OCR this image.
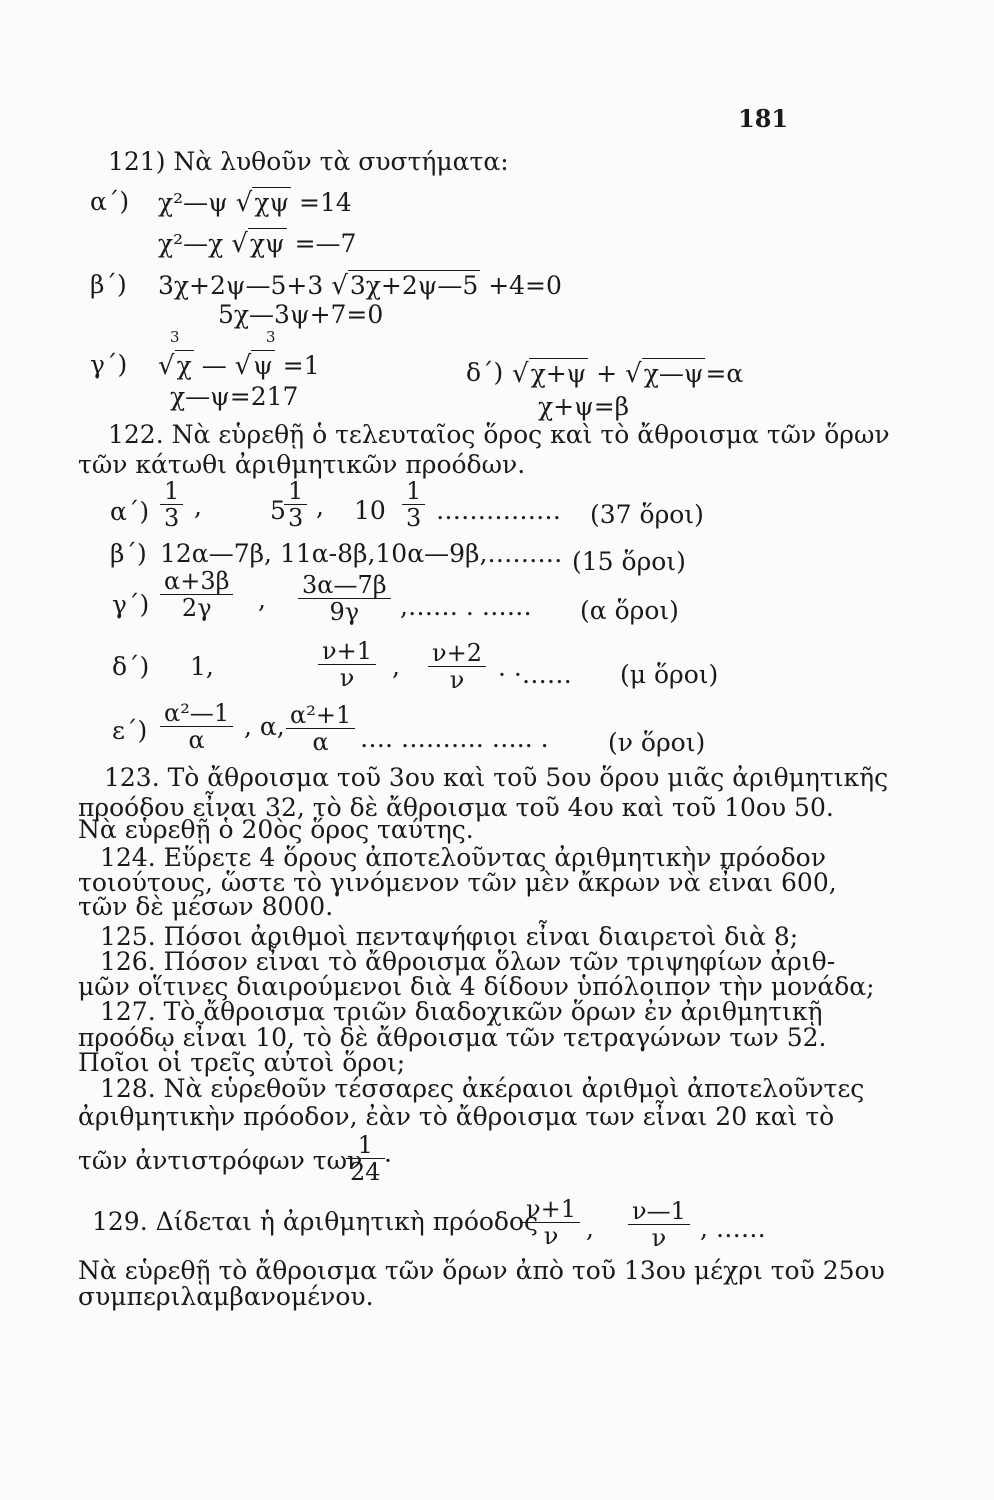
181
121) Νὰ λυθοῦν τὰ συστήματα:
α΄) χ²—ψ √χψ =14
χ²—χ √χψ =—7
β΄) 3χ+2ψ—5+3 √3χ+2ψ—5 +4=0
5χ—3ψ+7=0
3	3
γ΄) √χ — √ψ =1
χ—ψ=217
δ΄) √χ+ψ + √χ—ψ=α
χ+ψ=β
122. Νὰ εὑρεθῇ ὁ τελευταῖος ὅρος καὶ τὸ ἄθροισμα τῶν ὅρων
τῶν κάτωθι ἀριθμητικῶν προόδων.
$\alpha΄) \frac{1}{3}$ ,	5
$\frac{1}{3}$ , $10 \frac{1}{3}$ …………… (37 ὅροι)
β΄) 12α—7β, 11α-8β,10α—9β,……… (15 ὅροι)
$\gamma΄) \frac{\alpha+3\beta}{2\gamma}$ , $\frac{3\alpha—7\beta}{9\gamma}$ ,…… . …… (α ὅροι)
δ΄) 1,	$\frac{\nu+1}{\nu}$ , $\frac{\nu+2}{\nu}$ · ·…… (μ ὅροι)
$\varepsilon΄) \frac{\text{α²—1}}{\alpha}$ , α, $\frac{\text{α²+1}}{\alpha}$ …. ………. ….. . (ν ὅροι)
123. Τὸ ἄθροισμα τοῦ 3ου καὶ τοῦ 5ου ὅρου μιᾶς ἀριθμητικῆς
προόδου εἶναι 32, τὸ δὲ ἄθροισμα τοῦ 4ου καὶ τοῦ 10ου 50.
Νὰ εὑρεθῇ ὁ 20ὸς ὅρος ταύτης.
124. Εὕρετε 4 ὅρους ἀποτελοῦντας ἀριθμητικὴν πρόοδον
τοιούτους, ὥστε τὸ γινόμενον τῶν μὲν ἄκρων νὰ εἶναι 600,
τῶν δὲ μέσων 8000.
125. Πόσοι ἀριθμοὶ πενταψήφιοι εἶναι διαιρετοὶ διὰ 8;
126. Πόσον εἶναι τὸ ἄθροισμα ὅλων τῶν τριψηφίων ἀριθ-
μῶν οἵτινες διαιρούμενοι διὰ 4 δίδουν ὑπόλοιπον τὴν μονάδα;
127. Τὸ ἄθροισμα τριῶν διαδοχικῶν ὅρων ἐν ἀριθμητικῇ
προόδῳ εἶναι 10, τὸ δὲ ἄθροισμα τῶν τετραγώνων των 52.
Ποῖοι οἱ τρεῖς αὐτοὶ ὅροι;
128. Νὰ εὑρεθοῦν τέσσαρες ἀκέραιοι ἀριθμοὶ ἀποτελοῦντες
ἀριθμητικὴν πρόοδον, ἐὰν τὸ ἄθροισμα των εἶναι 20 καὶ τὸ
τῶν ἀντιστρόφων των
$\frac{1}{24}$ ·
129. Δίδεται ἡ ἀριθμητικὴ πρόοδος
$\frac{\nu+1}{\nu}$ , $\frac{\nu—1}{\nu}$ , ……
Νὰ εὑρεθῇ τὸ ἄθροισμα τῶν ὅρων ἀπὸ τοῦ 13ου μέχρι τοῦ 25ου
συμπεριλαμβανομένου.
